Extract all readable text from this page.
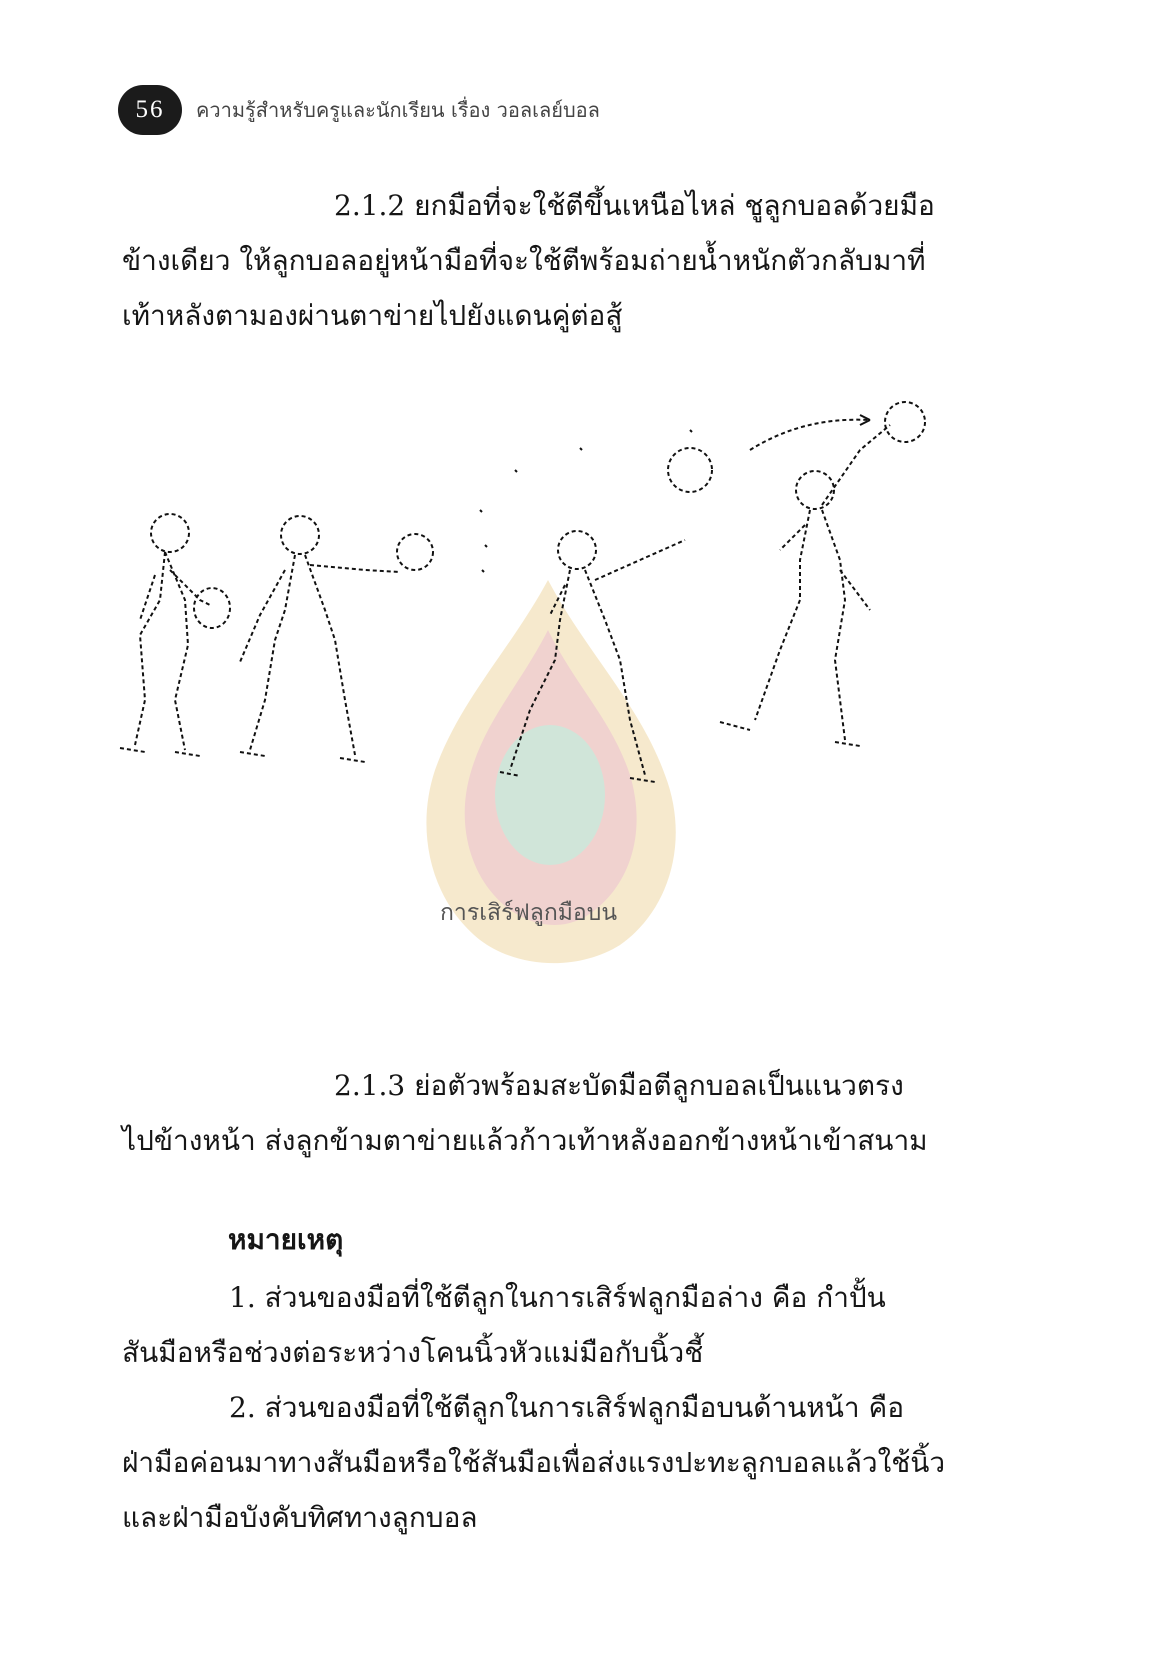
56	ความรู้สำหรับครูและนักเรียน เรื่อง วอลเลย์บอล

2.1.2 ยกมือที่จะใช้ตีขึ้นเหนือไหล่ ชูลูกบอลด้วยมือ

ข้างเดียว ให้ลูกบอลอยู่หน้ามือที่จะใช้ตีพร้อมถ่ายน้ำหนักตัวกลับมาที่

เท้าหลังตามองผ่านตาข่ายไปยังแดนคู่ต่อสู้

การเสิร์ฟลูกมือบน

2.1.3 ย่อตัวพร้อมสะบัดมือตีลูกบอลเป็นแนวตรง

ไปข้างหน้า ส่งลูกข้ามตาข่ายแล้วก้าวเท้าหลังออกข้างหน้าเข้าสนาม

หมายเหตุ

1. ส่วนของมือที่ใช้ตีลูกในการเสิร์ฟลูกมือล่าง คือ กำปั้น

สันมือหรือช่วงต่อระหว่างโคนนิ้วหัวแม่มือกับนิ้วชี้

2. ส่วนของมือที่ใช้ตีลูกในการเสิร์ฟลูกมือบนด้านหน้า คือ

ฝ่ามือค่อนมาทางสันมือหรือใช้สันมือเพื่อส่งแรงปะทะลูกบอลแล้วใช้นิ้ว

และฝ่ามือบังคับทิศทางลูกบอล
